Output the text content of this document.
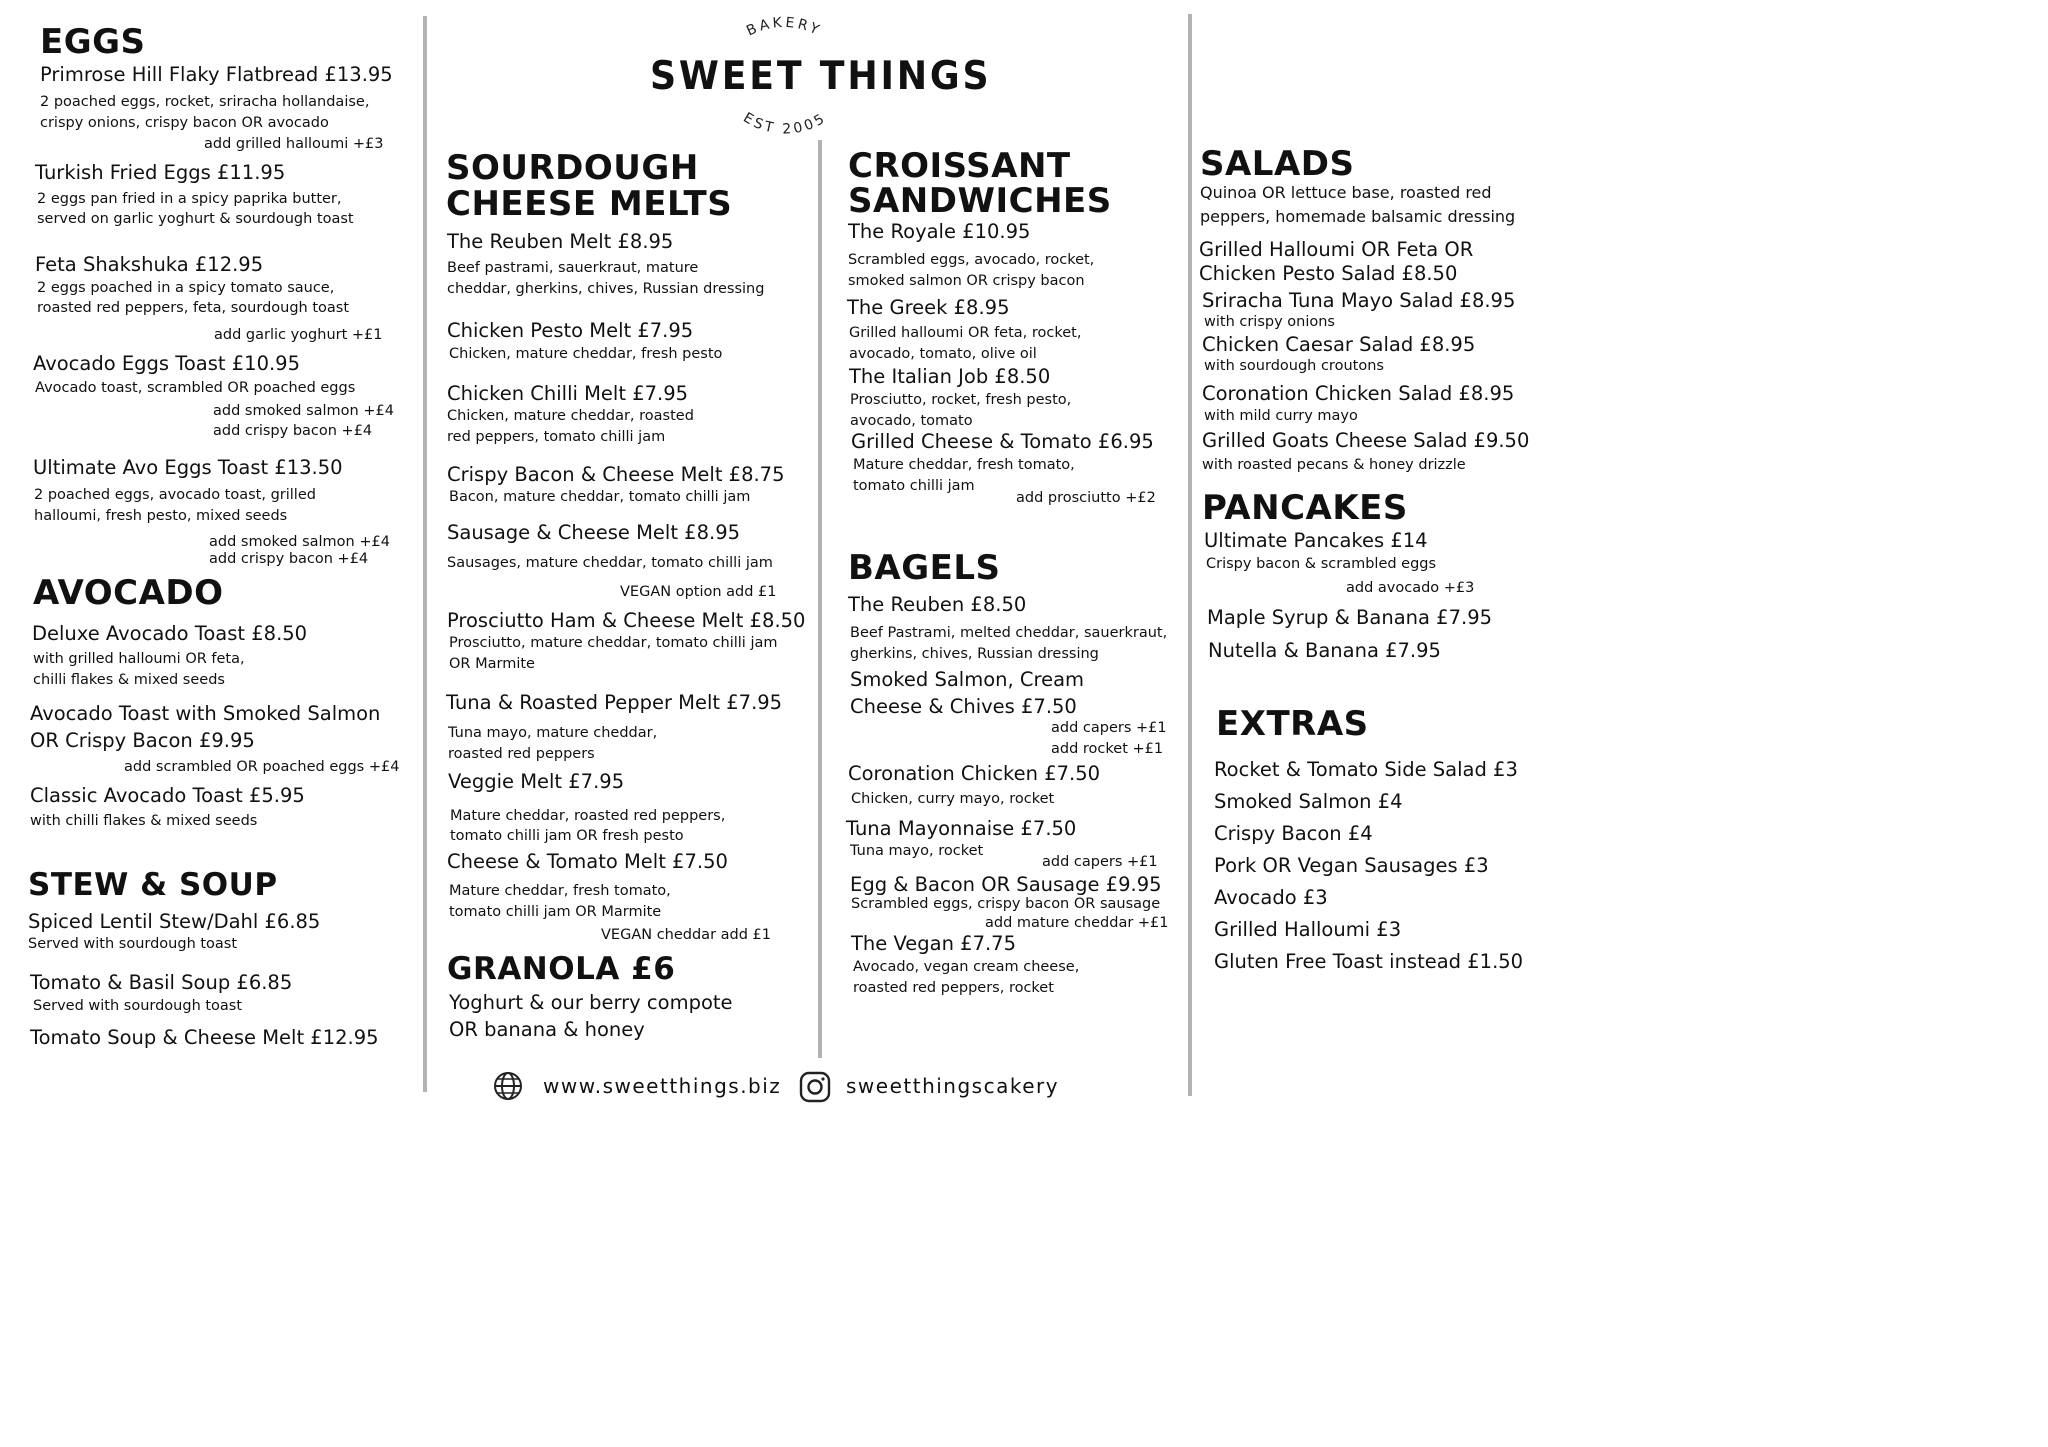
BAKERY
EST 2005
SWEET THINGS
EGGS
Primrose Hill Flaky Flatbread £13.95
2 poached eggs, rocket, sriracha hollandaise,
crispy onions, crispy bacon OR avocado
add grilled halloumi +£3
Turkish Fried Eggs £11.95
2 eggs pan fried in a spicy paprika butter,
served on garlic yoghurt & sourdough toast
Feta Shakshuka £12.95
2 eggs poached in a spicy tomato sauce,
roasted red peppers, feta, sourdough toast
add garlic yoghurt +£1
Avocado Eggs Toast £10.95
Avocado toast, scrambled OR poached eggs
add smoked salmon +£4
add crispy bacon +£4
Ultimate Avo Eggs Toast £13.50
2 poached eggs, avocado toast, grilled
halloumi, fresh pesto, mixed seeds
add smoked salmon +£4
add crispy bacon +£4
AVOCADO
Deluxe Avocado Toast £8.50
with grilled halloumi OR feta,
chilli flakes & mixed seeds
Avocado Toast with Smoked Salmon
OR Crispy Bacon £9.95
add scrambled OR poached eggs +£4
Classic Avocado Toast £5.95
with chilli flakes & mixed seeds
STEW & SOUP
Spiced Lentil Stew/Dahl £6.85
Served with sourdough toast
Tomato & Basil Soup £6.85
Served with sourdough toast
Tomato Soup & Cheese Melt £12.95
SOURDOUGH
CHEESE MELTS
The Reuben Melt £8.95
Beef pastrami, sauerkraut, mature
cheddar, gherkins, chives, Russian dressing
Chicken Pesto Melt £7.95
Chicken, mature cheddar, fresh pesto
Chicken Chilli Melt £7.95
Chicken, mature cheddar, roasted
red peppers, tomato chilli jam
Crispy Bacon & Cheese Melt £8.75
Bacon, mature cheddar, tomato chilli jam
Sausage & Cheese Melt £8.95
Sausages, mature cheddar, tomato chilli jam
VEGAN option add £1
Prosciutto Ham & Cheese Melt £8.50
Prosciutto, mature cheddar, tomato chilli jam
OR Marmite
Tuna & Roasted Pepper Melt £7.95
Tuna mayo, mature cheddar,
roasted red peppers
Veggie Melt £7.95
Mature cheddar, roasted red peppers,
tomato chilli jam OR fresh pesto
Cheese & Tomato Melt £7.50
Mature cheddar, fresh tomato,
tomato chilli jam OR Marmite
VEGAN cheddar add £1
GRANOLA £6
Yoghurt & our berry compote
OR banana & honey
CROISSANT
SANDWICHES
The Royale £10.95
Scrambled eggs, avocado, rocket,
smoked salmon OR crispy bacon
The Greek £8.95
Grilled halloumi OR feta, rocket,
avocado, tomato, olive oil
The Italian Job £8.50
Prosciutto, rocket, fresh pesto,
avocado, tomato
Grilled Cheese & Tomato £6.95
Mature cheddar, fresh tomato,
tomato chilli jam
add prosciutto +£2
BAGELS
The Reuben £8.50
Beef Pastrami, melted cheddar, sauerkraut,
gherkins, chives, Russian dressing
Smoked Salmon, Cream
Cheese & Chives £7.50
add capers +£1
add rocket +£1
Coronation Chicken £7.50
Chicken, curry mayo, rocket
Tuna Mayonnaise £7.50
Tuna mayo, rocket
add capers +£1
Egg & Bacon OR Sausage £9.95
Scrambled eggs, crispy bacon OR sausage
add mature cheddar +£1
The Vegan £7.75
Avocado, vegan cream cheese,
roasted red peppers, rocket
SALADS
Quinoa OR lettuce base, roasted red
peppers, homemade balsamic dressing
Grilled Halloumi OR Feta OR
Chicken Pesto Salad £8.50
Sriracha Tuna Mayo Salad £8.95
with crispy onions
Chicken Caesar Salad £8.95
with sourdough croutons
Coronation Chicken Salad £8.95
with mild curry mayo
Grilled Goats Cheese Salad £9.50
with roasted pecans & honey drizzle
PANCAKES
Ultimate Pancakes £14
Crispy bacon & scrambled eggs
add avocado +£3
Maple Syrup & Banana £7.95
Nutella & Banana £7.95
EXTRAS
Rocket & Tomato Side Salad £3
Smoked Salmon £4
Crispy Bacon £4
Pork OR Vegan Sausages £3
Avocado £3
Grilled Halloumi £3
Gluten Free Toast instead £1.50
www.sweetthings.biz	sweetthingscakery
